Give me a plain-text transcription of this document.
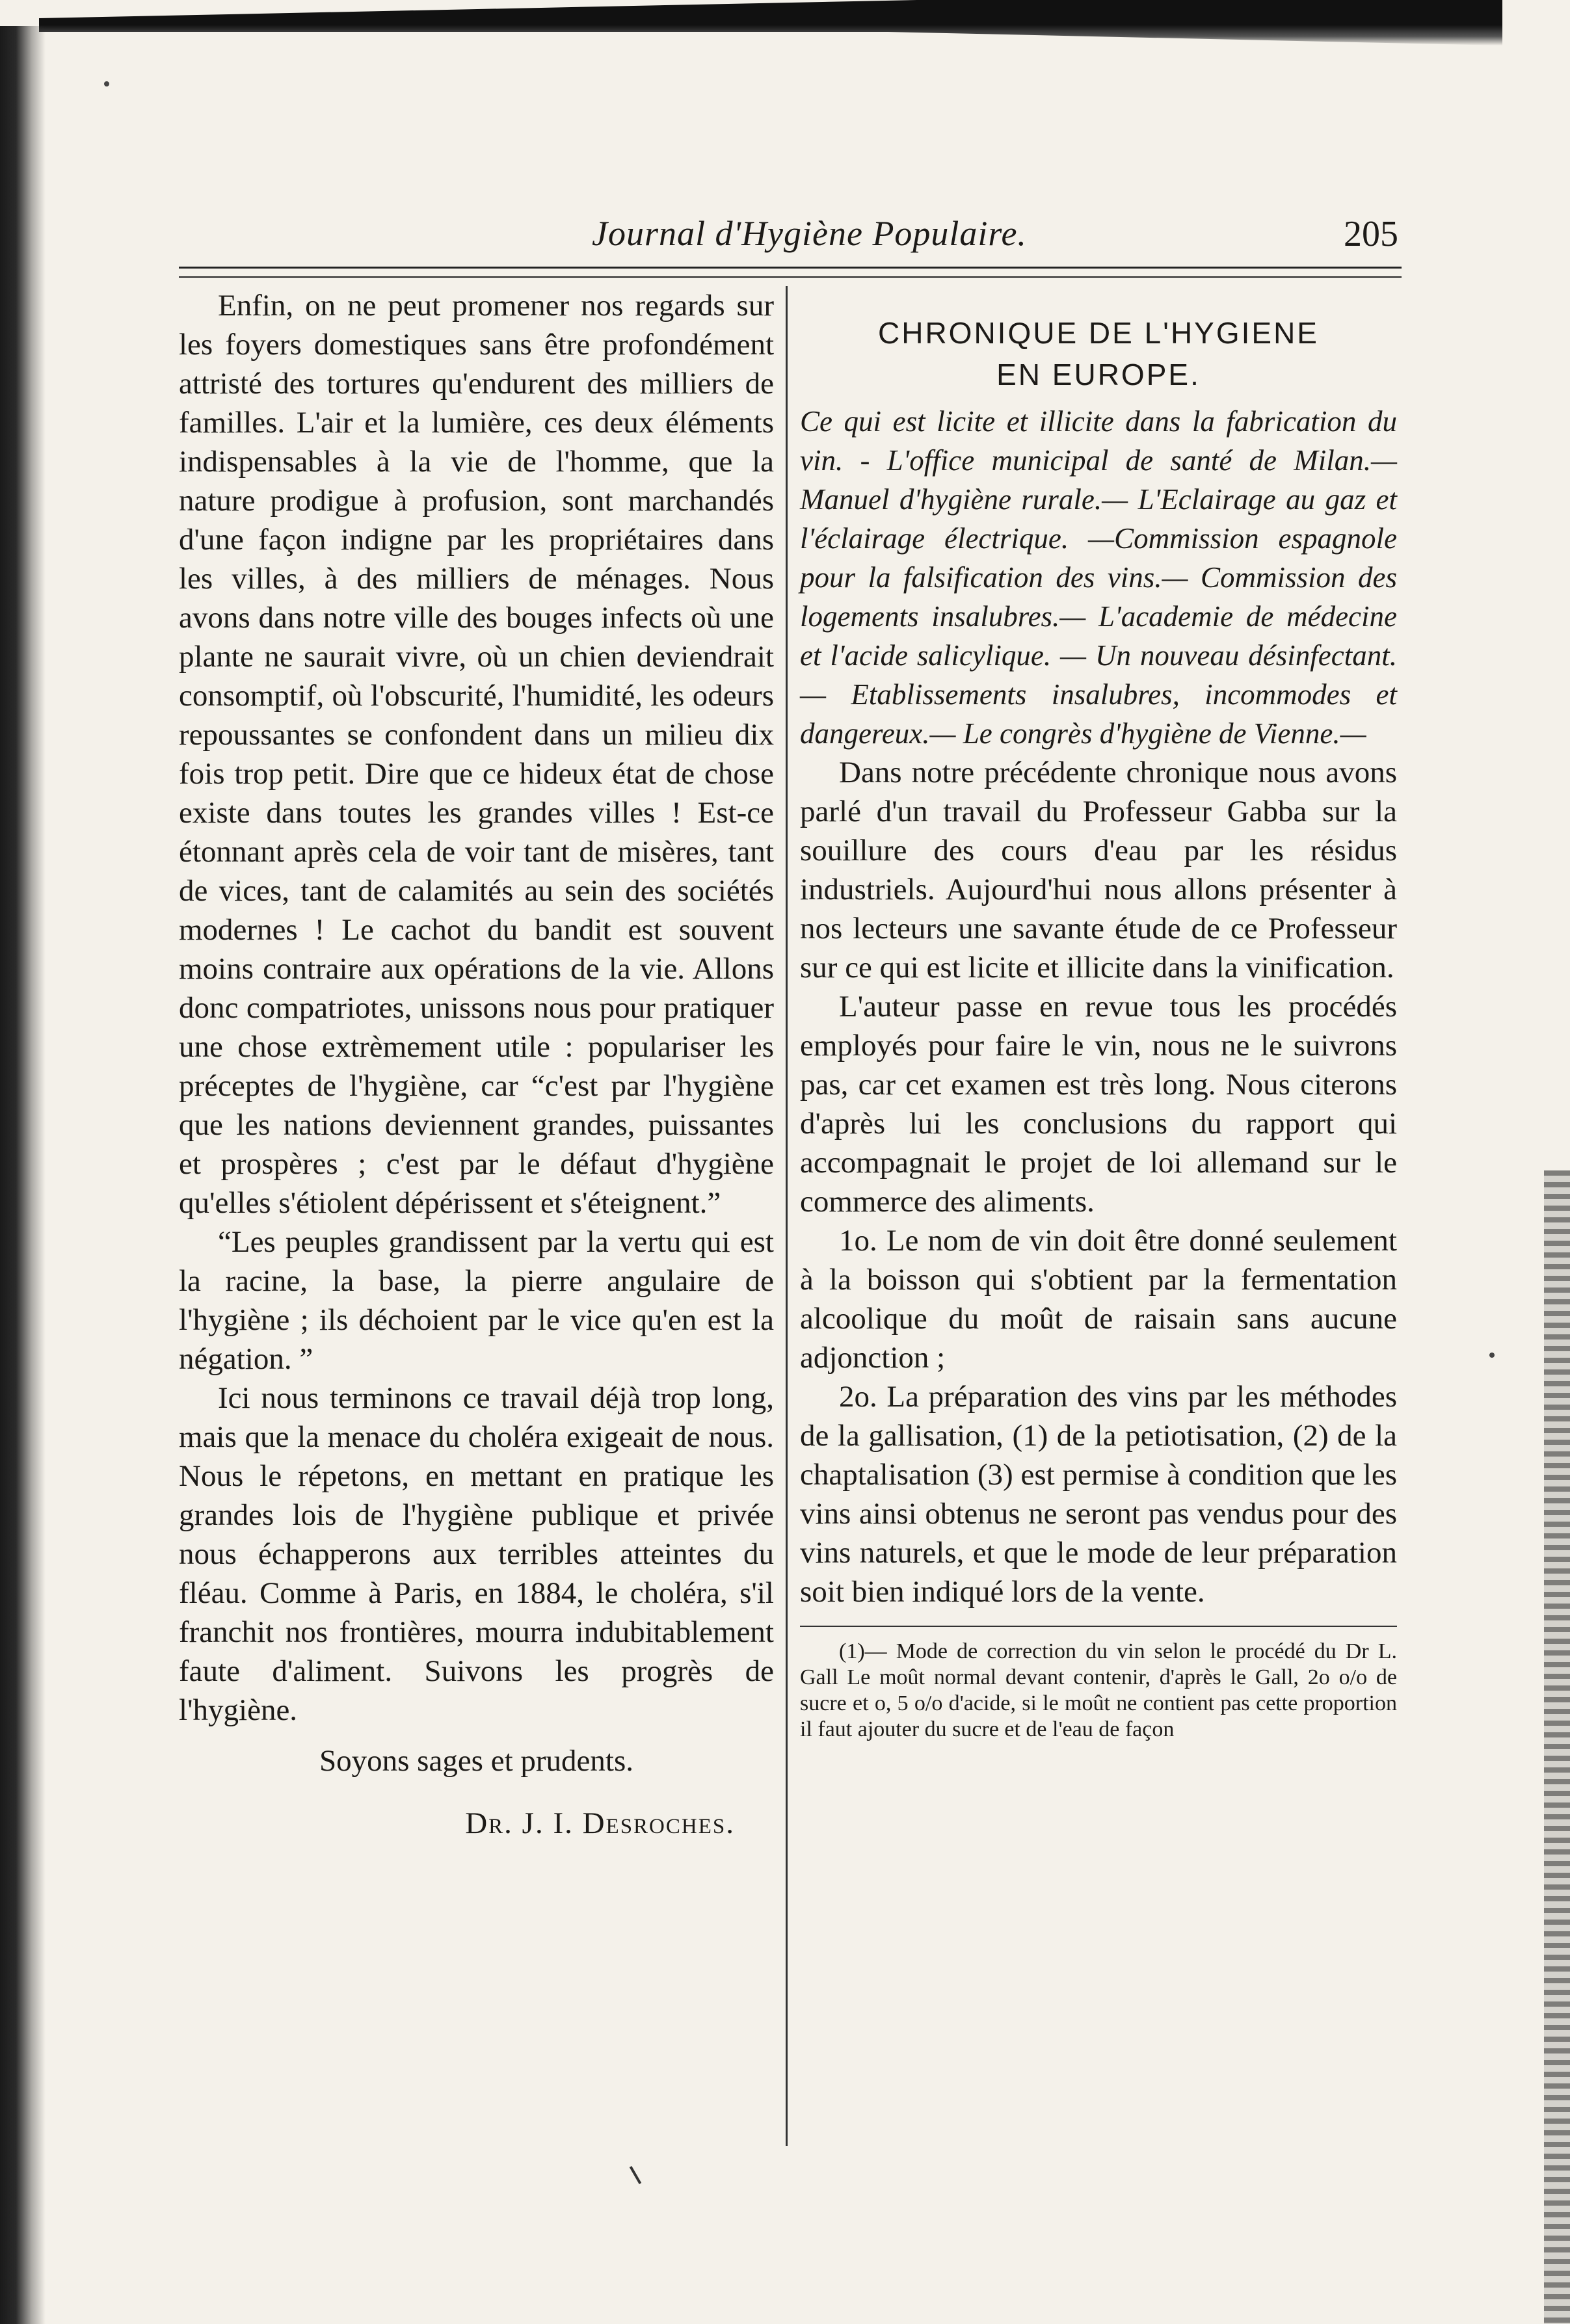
Journal d'Hygiène Populaire.	205

Enfin, on ne peut promener nos regards sur les foyers domestiques sans être profondément attristé des tortures qu'endurent des milliers de familles. L'air et la lumière, ces deux éléments indispensables à la vie de l'homme, que la nature prodigue à profusion, sont marchandés d'une façon indigne par les propriétaires dans les villes, à des milliers de ménages. Nous avons dans notre ville des bouges infects où une plante ne saurait vivre, où un chien deviendrait consomptif, où l'obscurité, l'humidité, les odeurs repoussantes se confondent dans un milieu dix fois trop petit. Dire que ce hideux état de chose existe dans toutes les grandes villes ! Est-ce étonnant après cela de voir tant de misères, tant de vices, tant de calamités au sein des sociétés modernes ! Le cachot du bandit est souvent moins contraire aux opérations de la vie. Allons donc compatriotes, unissons nous pour pratiquer une chose extrèmement utile : populariser les préceptes de l'hygiène, car “c'est par l'hygiène que les nations deviennent grandes, puissantes et prospères ; c'est par le défaut d'hygiène qu'elles s'étiolent dépérissent et s'éteignent.”

“Les peuples grandissent par la vertu qui est la racine, la base, la pierre angulaire de l'hygiène ; ils déchoient par le vice qu'en est la négation. ”

Ici nous terminons ce travail déjà trop long, mais que la menace du choléra exigeait de nous. Nous le répetons, en mettant en pratique les grandes lois de l'hygiène publique et privée nous échapperons aux terribles atteintes du fléau. Comme à Paris, en 1884, le choléra, s'il franchit nos frontières, mourra indubitablement faute d'aliment. Suivons les progrès de l'hygiène.

Soyons sages et prudents.

Dr. J. I. Desroches.

CHRONIQUE DE L'HYGIENE
EN EUROPE.

Ce qui est licite et illicite dans la fabrication du vin. - L'office municipal de santé de Milan.—Manuel d'hygiène rurale.— L'Eclairage au gaz et l'éclairage électrique. —Commission espagnole pour la falsification des vins.— Commission des logements insalubres.— L'academie de médecine et l'acide salicylique. — Un nouveau désinfectant. — Etablissements insalubres, incommodes et dangereux.— Le congrès d'hygiène de Vienne.—

Dans notre précédente chronique nous avons parlé d'un travail du Professeur Gabba sur la souillure des cours d'eau par les résidus industriels. Aujourd'hui nous allons présenter à nos lecteurs une savante étude de ce Professeur sur ce qui est licite et illicite dans la vinification.

L'auteur passe en revue tous les procédés employés pour faire le vin, nous ne le suivrons pas, car cet examen est très long. Nous citerons d'après lui les conclusions du rapport qui accompagnait le projet de loi allemand sur le commerce des aliments.

1o. Le nom de vin doit être donné seulement à la boisson qui s'obtient par la fermentation alcoolique du moût de raisain sans aucune adjonction ;

2o. La préparation des vins par les méthodes de la gallisation, (1) de la petiotisation, (2) de la chaptalisation (3) est permise à condition que les vins ainsi obtenus ne seront pas vendus pour des vins naturels, et que le mode de leur préparation soit bien indiqué lors de la vente.

(1)— Mode de correction du vin selon le procédé du Dr L. Gall Le moût normal devant contenir, d'après le Gall, 2o o/o de sucre et o, 5 o/o d'acide, si le moût ne contient pas cette proportion il faut ajouter du sucre et de l'eau de façon
